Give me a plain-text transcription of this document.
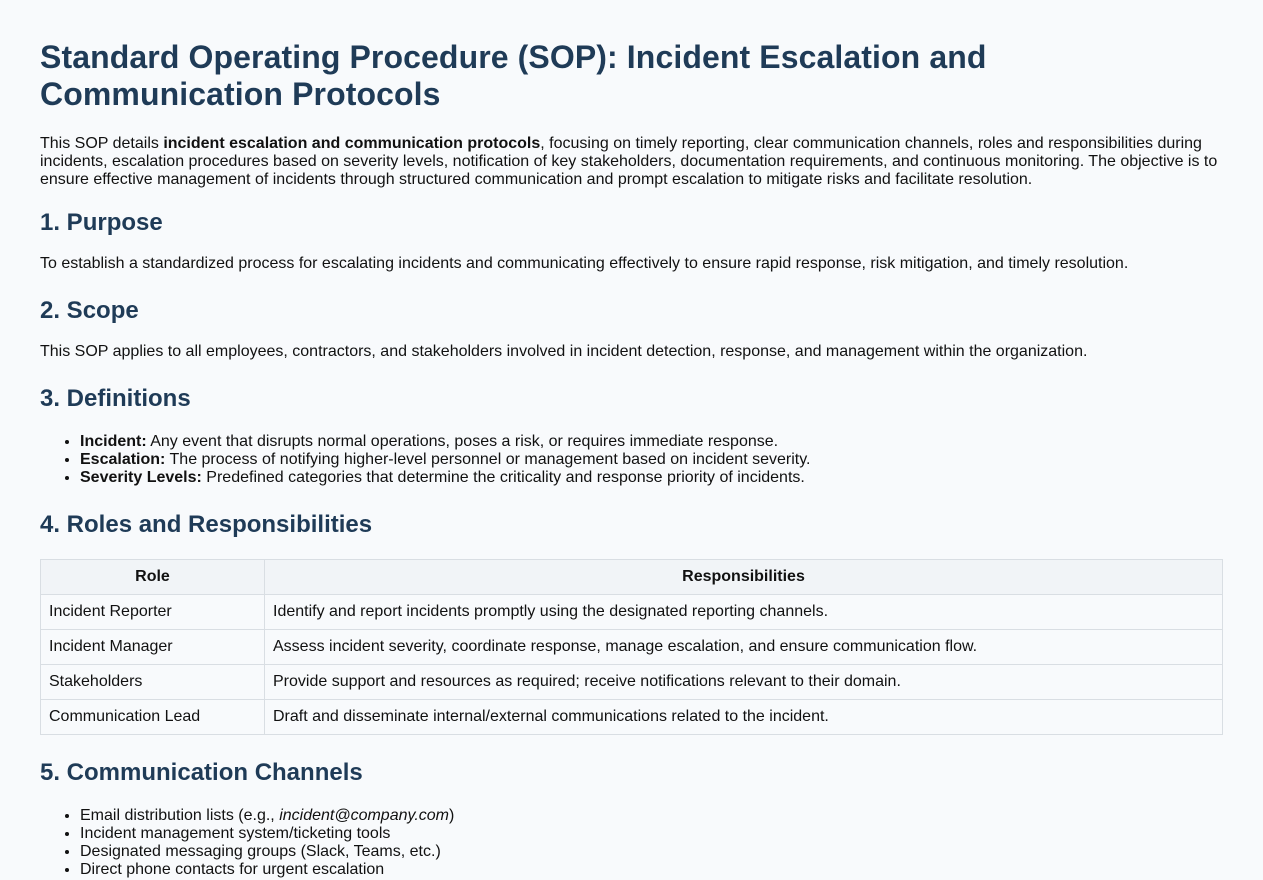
Standard Operating Procedure (SOP): Incident Escalation and Communication Protocols

This SOP details incident escalation and communication protocols, focusing on timely reporting, clear communication channels, roles and responsibilities during incidents, escalation procedures based on severity levels, notification of key stakeholders, documentation requirements, and continuous monitoring. The objective is to ensure effective management of incidents through structured communication and prompt escalation to mitigate risks and facilitate resolution.

1. Purpose

To establish a standardized process for escalating incidents and communicating effectively to ensure rapid response, risk mitigation, and timely resolution.

2. Scope

This SOP applies to all employees, contractors, and stakeholders involved in incident detection, response, and management within the organization.

3. Definitions
• Incident: Any event that disrupts normal operations, poses a risk, or requires immediate response.
• Escalation: The process of notifying higher-level personnel or management based on incident severity.
• Severity Levels: Predefined categories that determine the criticality and response priority of incidents.
4. Roles and Responsibilities
Role	Responsibilities
Incident Reporter	Identify and report incidents promptly using the designated reporting channels.
Incident Manager	Assess incident severity, coordinate response, manage escalation, and ensure communication flow.
Stakeholders	Provide support and resources as required; receive notifications relevant to their domain.
Communication Lead	Draft and disseminate internal/external communications related to the incident.
5. Communication Channels
• Email distribution lists (e.g., incident@company.com)
• Incident management system/ticketing tools
• Designated messaging groups (Slack, Teams, etc.)
• Direct phone contacts for urgent escalation
